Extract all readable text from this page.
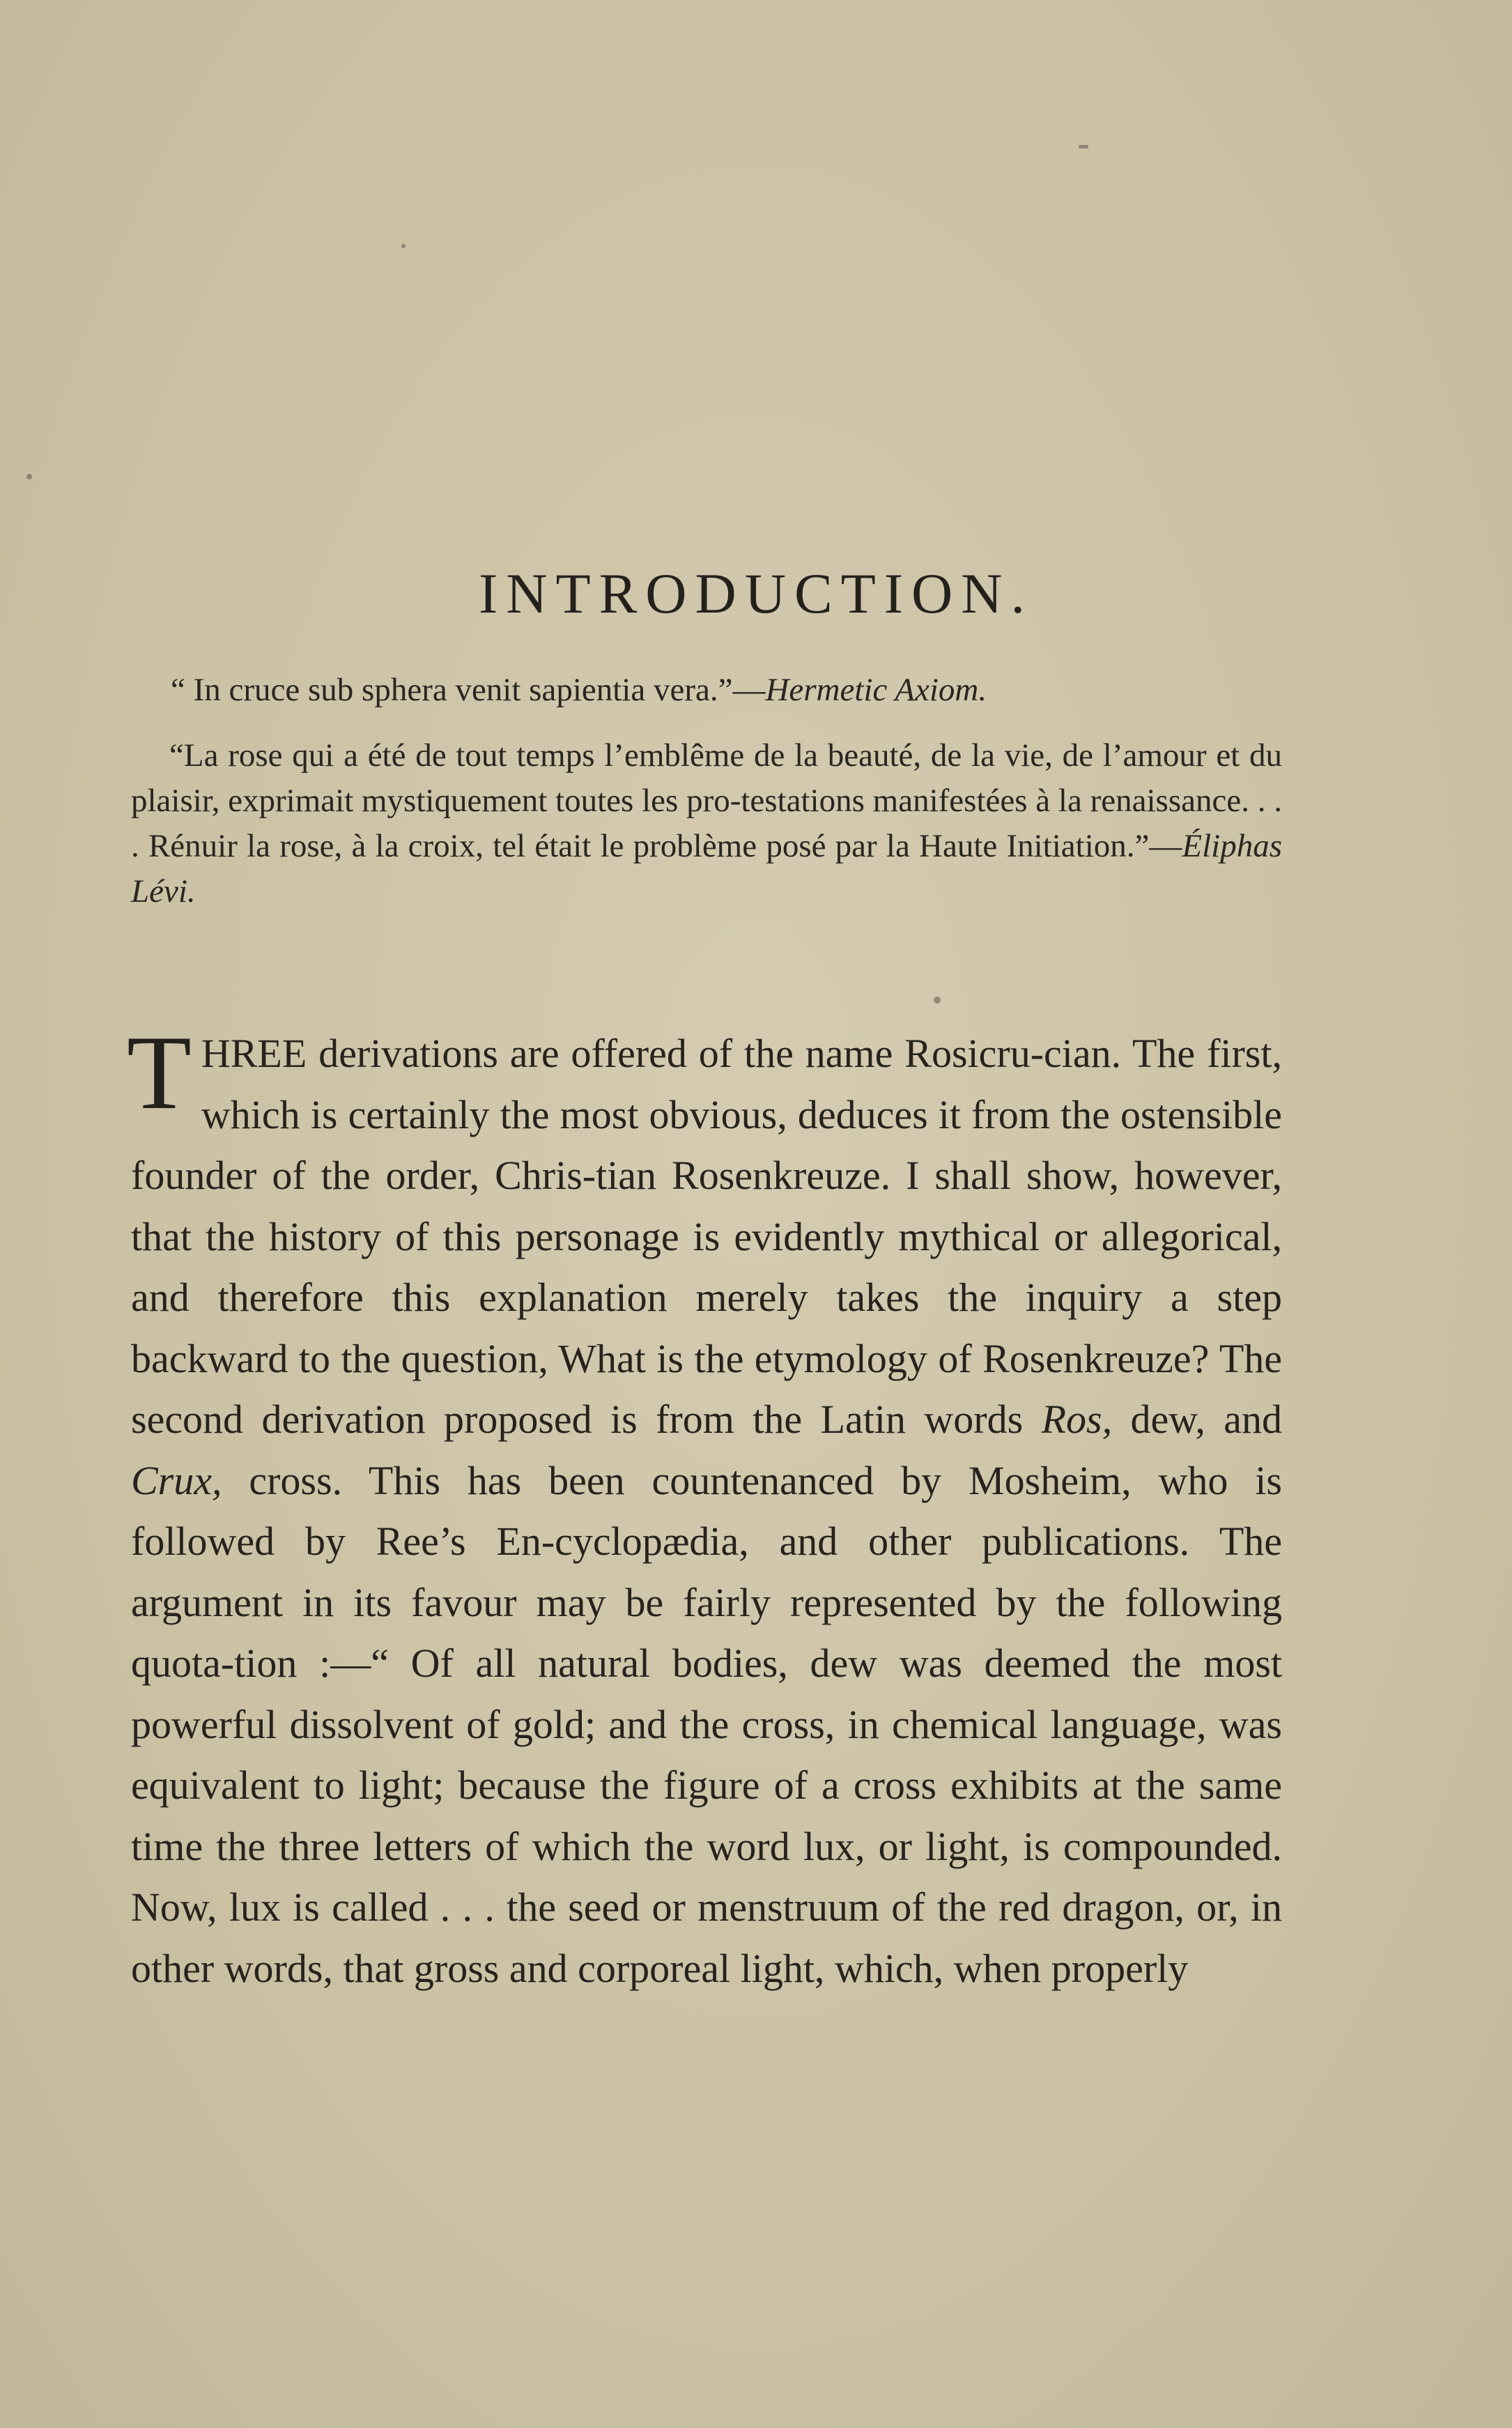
INTRODUCTION.
“ In cruce sub sphera venit sapientia vera.”—Hermetic Axiom.
“La rose qui a été de tout temps l’emblême de la beauté, de la vie, de l’amour et du plaisir, exprimait mystiquement toutes les pro-testations manifestées à la renaissance. . . . Rénuir la rose, à la croix, tel était le problème posé par la Haute Initiation.”—Éliphas Lévi.
THREE derivations are offered of the name Rosicru-cian. The first, which is certainly the most obvious, deduces it from the ostensible founder of the order, Chris-tian Rosenkreuze. I shall show, however, that the history of this personage is evidently mythical or allegorical, and therefore this explanation merely takes the inquiry a step backward to the question, What is the etymology of Rosenkreuze? The second derivation proposed is from the Latin words Ros, dew, and Crux, cross. This has been countenanced by Mosheim, who is followed by Ree’s En-cyclopædia, and other publications. The argument in its favour may be fairly represented by the following quota-tion :—“ Of all natural bodies, dew was deemed the most powerful dissolvent of gold; and the cross, in chemical language, was equivalent to light; because the figure of a cross exhibits at the same time the three letters of which the word lux, or light, is compounded. Now, lux is called . . . the seed or menstruum of the red dragon, or, in other words, that gross and corporeal light, which, when properly
